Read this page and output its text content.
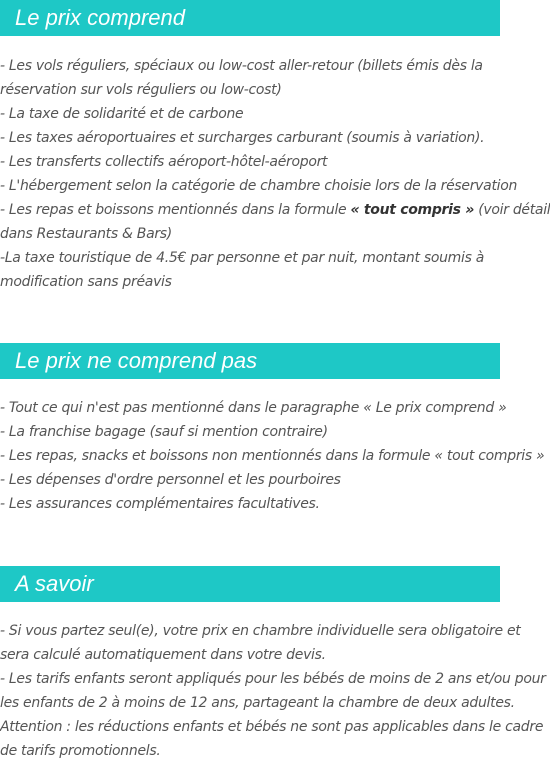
Le prix comprend
- Les vols réguliers, spéciaux ou low-cost aller-retour (billets émis dès la
réservation sur vols réguliers ou low-cost)
- La taxe de solidarité et de carbone
- Les taxes aéroportuaires et surcharges carburant (soumis à variation).
- Les transferts collectifs aéroport-hôtel-aéroport
- L'hébergement selon la catégorie de chambre choisie lors de la réservation
- Les repas et boissons mentionnés dans la formule « tout compris » (voir détail
dans Restaurants & Bars)
-La taxe touristique de 4.5€ par personne et par nuit, montant soumis à
modification sans préavis
Le prix ne comprend pas
- Tout ce qui n'est pas mentionné dans le paragraphe « Le prix comprend »
- La franchise bagage (sauf si mention contraire)
- Les repas, snacks et boissons non mentionnés dans la formule « tout compris »
- Les dépenses d'ordre personnel et les pourboires
- Les assurances complémentaires facultatives.
A savoir
- Si vous partez seul(e), votre prix en chambre individuelle sera obligatoire et
sera calculé automatiquement dans votre devis.
- Les tarifs enfants seront appliqués pour les bébés de moins de 2 ans et/ou pour
les enfants de 2 à moins de 12 ans, partageant la chambre de deux adultes.
Attention : les réductions enfants et bébés ne sont pas applicables dans le cadre
de tarifs promotionnels.
